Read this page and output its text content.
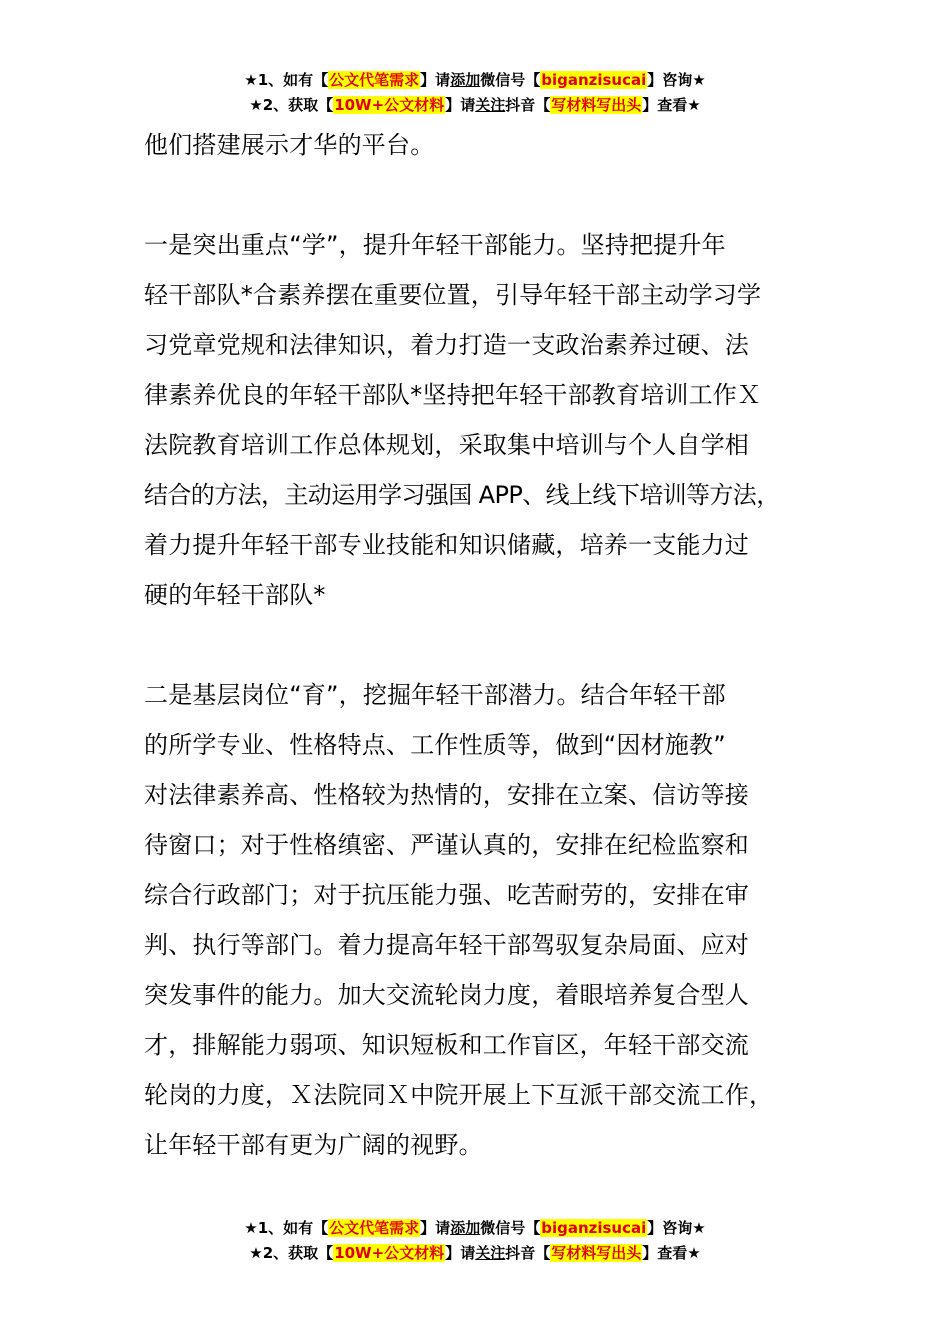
★1、如有【公文代笔需求】请添加微信号【biganzisucai】咨询★
★2、获取【10W+公文材料】请关注抖音【写材料写出头】查看★
他们搭建展示才华的平台。
一是突出重点“学”，提升年轻干部能力。坚持把提升年
轻干部队*合素养摆在重要位置，引导年轻干部主动学习学
习党章党规和法律知识，着力打造一支政治素养过硬、法
律素养优良的年轻干部队*坚持把年轻干部教育培训工作Ｘ
法院教育培训工作总体规划，采取集中培训与个人自学相
结合的方法，主动运用学习强国 APP、线上线下培训等方法，
着力提升年轻干部专业技能和知识储藏，培养一支能力过
硬的年轻干部队*
二是基层岗位“育”，挖掘年轻干部潜力。结合年轻干部
的所学专业、性格特点、工作性质等，做到“因材施教”
对法律素养高、性格较为热情的，安排在立案、信访等接
待窗口；对于性格缜密、严谨认真的，安排在纪检监察和
综合行政部门；对于抗压能力强、吃苦耐劳的，安排在审
判、执行等部门。着力提高年轻干部驾驭复杂局面、应对
突发事件的能力。加大交流轮岗力度，着眼培养复合型人
才，排解能力弱项、知识短板和工作盲区，年轻干部交流
轮岗的力度，Ｘ法院同Ｘ中院开展上下互派干部交流工作，
让年轻干部有更为广阔的视野。
★1、如有【公文代笔需求】请添加微信号【biganzisucai】咨询★
★2、获取【10W+公文材料】请关注抖音【写材料写出头】查看★
